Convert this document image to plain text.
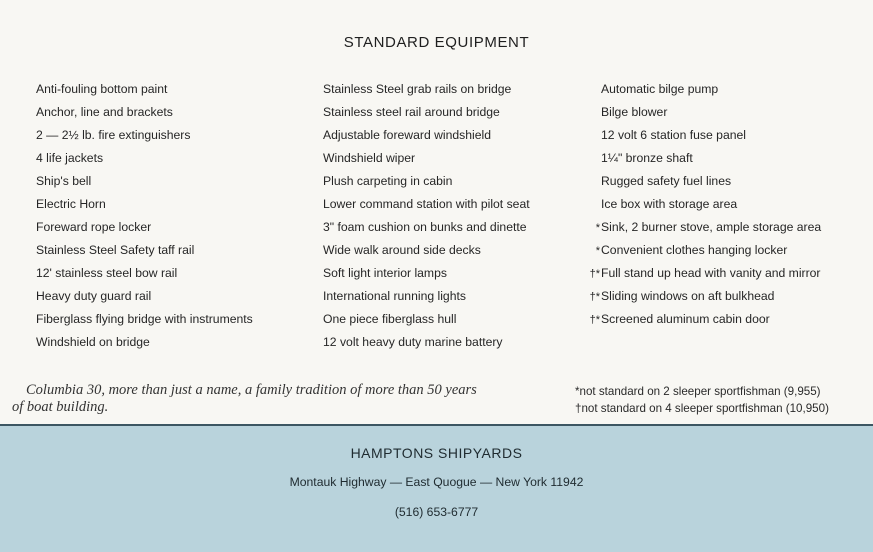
STANDARD EQUIPMENT
Anti-fouling bottom paint
Anchor, line and brackets
2 — 2½ lb. fire extinguishers
4 life jackets
Ship's bell
Electric Horn
Foreward rope locker
Stainless Steel Safety taff rail
12' stainless steel bow rail
Heavy duty guard rail
Fiberglass flying bridge with instruments
Windshield on bridge
Stainless Steel grab rails on bridge
Stainless steel rail around bridge
Adjustable foreward windshield
Windshield wiper
Plush carpeting in cabin
Lower command station with pilot seat
3" foam cushion on bunks and dinette
Wide walk around side decks
Soft light interior lamps
International running lights
One piece fiberglass hull
12 volt heavy duty marine battery
Automatic bilge pump
Bilge blower
12 volt 6 station fuse panel
1¼" bronze shaft
Rugged safety fuel lines
Ice box with storage area
*Sink, 2 burner stove, ample storage area
*Convenient clothes hanging locker
†*Full stand up head with vanity and mirror
†*Sliding windows on aft bulkhead
†*Screened aluminum cabin door
Columbia 30, more than just a name, a family tradition of more than 50 years
of boat building.
*not standard on 2 sleeper sportfishman (9,955)
†not standard on 4 sleeper sportfishman (10,950)
HAMPTONS SHIPYARDS
Montauk Highway — East Quogue — New York 11942
(516) 653-6777
